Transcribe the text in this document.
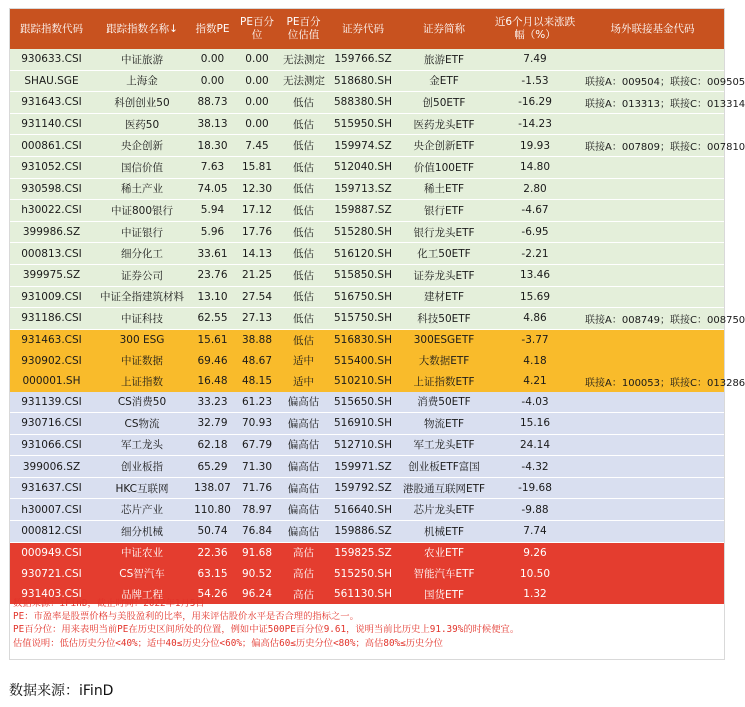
跟踪指数代码	跟踪指数名称↓	指数PE	PE百分位	PE百分位估值	证券代码	证券简称	近6个月以来涨跌幅（%）	场外联接基金代码
930633.CSI	中证旅游	0.00	0.00	无法测定	159766.SZ	旅游ETF	7.49	
SHAU.SGE	上海金	0.00	0.00	无法测定	518680.SH	金ETF	-1.53	联接A：009504；联接C：009505
931643.CSI	科创创业50	88.73	0.00	低估	588380.SH	创50ETF	-16.29	联接A：013313；联接C：013314
931140.CSI	医药50	38.13	0.00	低估	515950.SH	医药龙头ETF	-14.23	
000861.CSI	央企创新	18.30	7.45	低估	159974.SZ	央企创新ETF	19.93	联接A：007809；联接C：007810
931052.CSI	国信价值	7.63	15.81	低估	512040.SH	价值100ETF	14.80	
930598.CSI	稀土产业	74.05	12.30	低估	159713.SZ	稀土ETF	2.80	
h30022.CSI	中证800银行	5.94	17.12	低估	159887.SZ	银行ETF	-4.67	
399986.SZ	中证银行	5.96	17.76	低估	515280.SH	银行龙头ETF	-6.95	
000813.CSI	细分化工	33.61	14.13	低估	516120.SH	化工50ETF	-2.21	
399975.SZ	证券公司	23.76	21.25	低估	515850.SH	证券龙头ETF	13.46	
931009.CSI	中证全指建筑材料	13.10	27.54	低估	516750.SH	建材ETF	15.69	
931186.CSI	中证科技	62.55	27.13	低估	515750.SH	科技50ETF	4.86	联接A：008749；联接C：008750
931463.CSI	300 ESG	15.61	38.88	低估	516830.SH	300ESGETF	-3.77	
930902.CSI	中证数据	69.46	48.67	适中	515400.SH	大数据ETF	4.18	
000001.SH	上证指数	16.48	48.15	适中	510210.SH	上证指数ETF	4.21	联接A：100053；联接C：013286
931139.CSI	CS消费50	33.23	61.23	偏高估	515650.SH	消费50ETF	-4.03	
930716.CSI	CS物流	32.79	70.93	偏高估	516910.SH	物流ETF	15.16	
931066.CSI	军工龙头	62.18	67.79	偏高估	512710.SH	军工龙头ETF	24.14	
399006.SZ	创业板指	65.29	71.30	偏高估	159971.SZ	创业板ETF富国	-4.32	
931637.CSI	HKC互联网	138.07	71.76	偏高估	159792.SZ	港股通互联网ETF	-19.68	
h30007.CSI	芯片产业	110.80	78.97	偏高估	516640.SH	芯片龙头ETF	-9.88	
000812.CSI	细分机械	50.74	76.84	偏高估	159886.SZ	机械ETF	7.74	
000949.CSI	中证农业	22.36	91.68	高估	159825.SZ	农业ETF	9.26	
930721.CSI	CS智汽车	63.15	90.52	高估	515250.SH	智能汽车ETF	10.50	
931403.CSI	品牌工程	54.26	96.24	高估	561130.SH	国货ETF	1.32	
数据来源：iFinD，截止时间：2022年1月5日
PE：市盈率是股票价格与美股盈利的比率，用来评估股价水平是否合理的指标之一。
PE百分位：用来表明当前PE在历史区间所处的位置，例如中证500PE百分位9.61，说明当前比历史上91.39%的时候便宜。
估值说明：低估历史分位<40%；适中40≤历史分位<60%；偏高估60≤历史分位<80%；高估80%≤历史分位
数据来源：iFinD
